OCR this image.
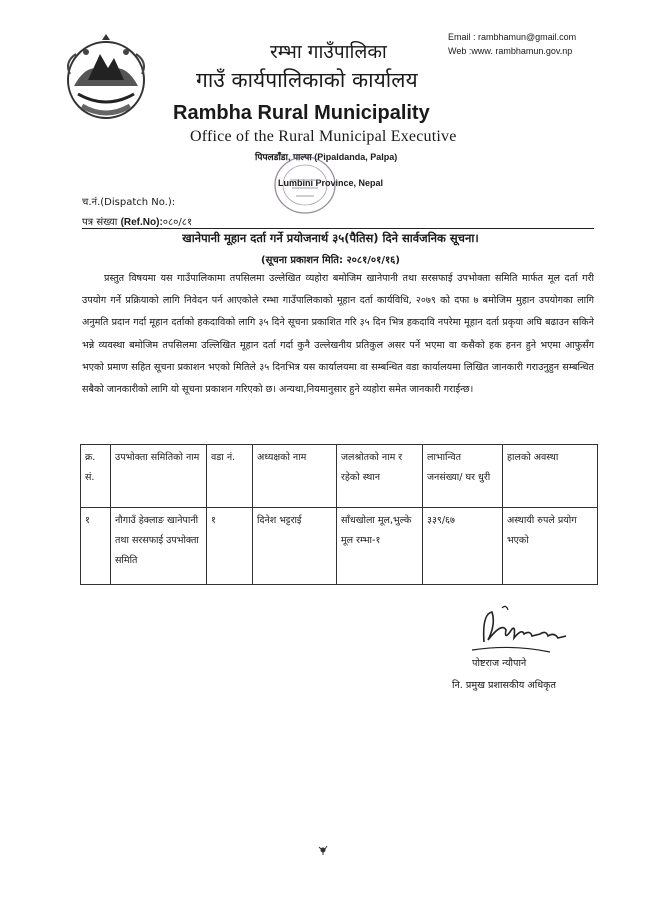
Email : rambhamun@gmail.com
Web :www. rambhamun.gov.np
रम्भा गाउँपालिका
गाउँ कार्यपालिकाको कार्यालय
Rambha Rural Municipality
Office of the Rural Municipal Executive
पिपलडाँडा, पाल्पा (Pipaldanda, Palpa)
Lumbini Province, Nepal
च.नं.(Dispatch No.):
पत्र संख्या (Ref.No):०८०/८१
खानेपानी मूहान दर्ता गर्ने प्रयोजनार्थ ३५(पैतिस) दिने सार्वजनिक सूचना।
(सूचना प्रकाशन मिति: २०८१/०१/१६)
प्रस्तुत विषयमा यस गाउँपालिकामा तपसिलमा उल्लेखित व्यहोरा बमोजिम खानेपानी तथा सरसफाई उपभोक्ता समिति मार्फत मूल दर्ता गरी उपयोग गर्ने प्रक्रियाको लागि निवेदन पर्न आएकोले रम्भा गाउँपालिकाको मूहान दर्ता कार्यविधि, २०७९ को दफा ७ बमोजिम मुहान उपयोगका लागि अनुमति प्रदान गर्दा मूहान दर्ताको हकदाविको लागि ३५ दिने सूचना प्रकाशित गरि ३५ दिन भित्र हकदावि नपरेमा मूहान दर्ता प्रकृया अघि बढाउन सकिने भन्ने व्यवस्था बमोजिम तपसिलमा उल्लिखित मूहान दर्ता गर्दा कुनै उल्लेखनीय प्रतिकुल असर पर्ने भएमा वा कसैको हक हनन हुने भएमा आफुसँग भएको प्रमाण सहित सूचना प्रकाशन भएको मितिले ३५ दिनभित्र यस कार्यालयमा वा सम्बन्धित वडा कार्यालयमा लिखित जानकारी गराउनुहुन सम्बन्धित सबैको जानकारीको लागि यो सूचना प्रकाशन गरिएको छ। अन्यथा,नियमानुसार हुने व्यहोरा समेत जानकारी गराईन्छ।
क्र. सं.	उपभोक्ता समितिको नाम	वडा नं.	अध्यक्षको नाम	जलश्रोतको नाम र रहेको स्थान	लाभान्वित जनसंख्या/ घर धुरी	हालको अवस्था
१	नौगाउँ हेक्लाङ खानेपानी तथा सरसफाई उपभोक्ता समिति	१	दिनेश भट्टराई	साँधखोला मूल,भुल्के मूल रम्भा-१	३३९/६७	अस्थायी रुपले प्रयोग भएको
पोष्टराज न्यौपाने
नि. प्रमुख प्रशासकीय अधिकृत
